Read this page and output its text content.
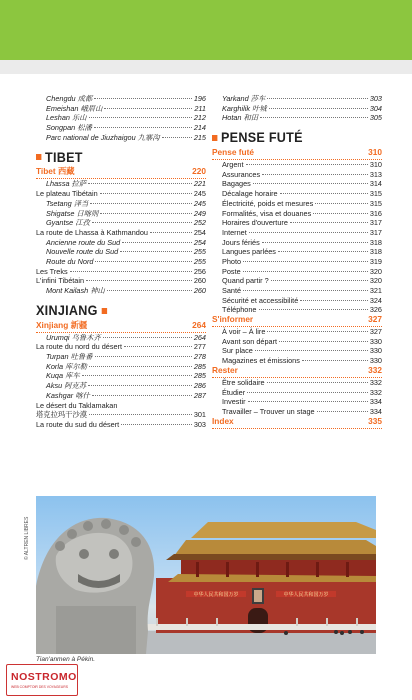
Chengdu 成都	196
Emeishan 峨眉山	211
Leshan 乐山	212
Songpan 松潘	214
Parc national de Jiuzhaigou 九寨沟	215
TIBET
Tibet 西藏	220
Lhassa 拉萨	221
Le plateau Tibétain	245
Tsetang 泽当	245
Shigatse 日喀则	249
Gyantse 江孜	252
La route de Lhassa à Kathmandou	254
Ancienne route du Sud	254
Nouvelle route du Sud	255
Route du Nord	255
Les Treks	256
L'infini Tibétain	260
Mont Kailash 神山	260
XINJIANG
Xinjiang 新疆	264
Urumqi 乌鲁木齐	264
La route du nord du désert	277
Turpan 吐鲁番	278
Korla 库尔勒	285
Kuqa 库车	285
Aksu 阿克苏	286
Kashgar 喀什	287
Le désert du Taklamakan
塔克拉玛干沙漠	301
La route du sud du désert	303
Yarkand 莎车	303
Karghilik 叶城	304
Hotan 和田	305
PENSE FUTÉ
Pense futé	310
Argent	310
Assurances	313
Bagages	314
Décalage horaire	315
Électricité, poids et mesures	315
Formalités, visa et douanes	316
Horaires d'ouverture	317
Internet	317
Jours fériés	318
Langues parlées	318
Photo	319
Poste	320
Quand partir ?	320
Santé	321
Sécurité et accessibilité	324
Téléphone	326
S'informer	327
À voir – À lire	327
Avant son départ	330
Sur place	330
Magazines et émissions	330
Rester	332
Être solidaire	332
Étudier	332
Investir	334
Travailler – Trouver un stage	334
Index	335
© ALTREN LIBRES
中华人民共和国万岁	中华人民共和国万岁
Tian'anmen à Pékin.
NOSTROMO
WEB COMPTOIR DES VOYAGEURS
